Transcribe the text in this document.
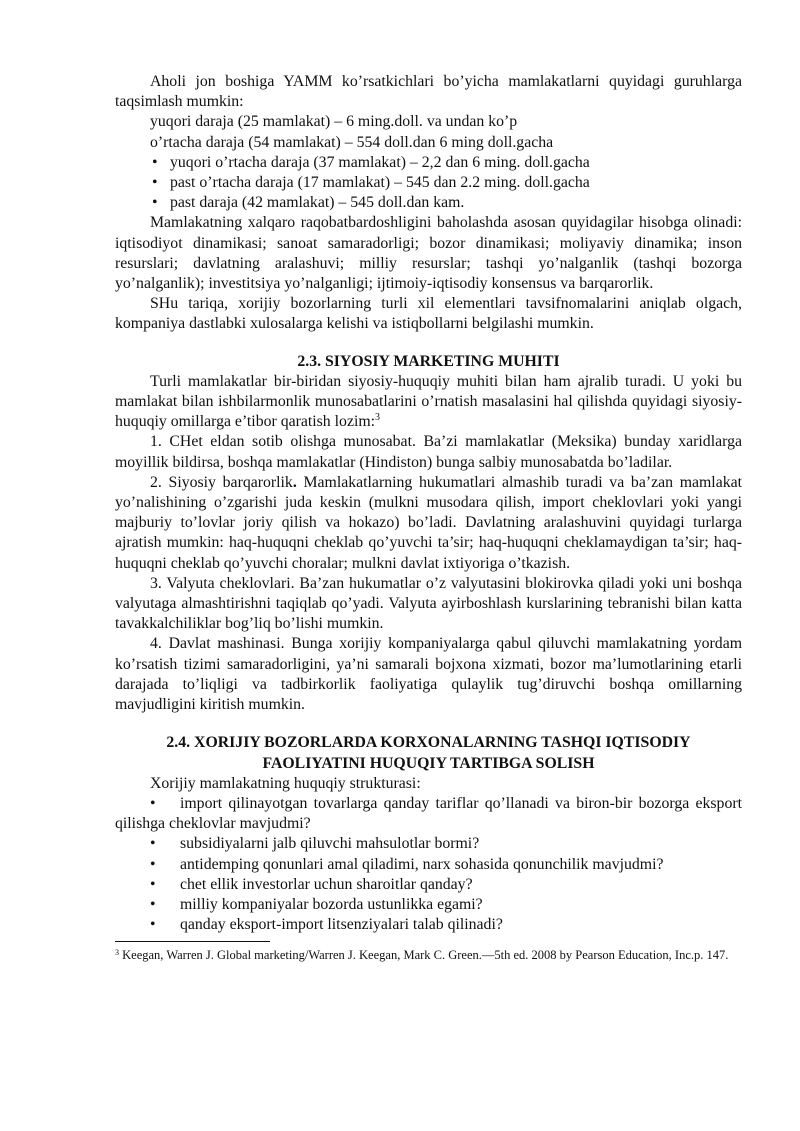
Aholi jon boshiga YAMM ko’rsatkichlari bo’yicha mamlakatlarni quyidagi guruhlarga taqsimlash mumkin:

yuqori daraja (25 mamlakat) – 6 ming.doll. va undan ko’p

o’rtacha daraja (54 mamlakat) – 554 doll.dan 6 ming doll.gacha

• yuqori o’rtacha daraja (37 mamlakat) – 2,2 dan 6 ming. doll.gacha

• past o’rtacha daraja (17 mamlakat) – 545 dan 2.2 ming. doll.gacha

• past daraja (42 mamlakat) – 545 doll.dan kam.

Mamlakatning xalqaro raqobatbardoshligini baholashda asosan quyidagilar hisobga olinadi: iqtisodiyot dinamikasi; sanoat samaradorligi; bozor dinamikasi; moliyaviy dinamika; inson resurslari; davlatning aralashuvi; milliy resurslar; tashqi yo’nalganlik (tashqi bozorga yo’nalganlik); investitsiya yo’nalganligi; ijtimoiy-iqtisodiy konsensus va barqarorlik.

SHu tariqa, xorijiy bozorlarning turli xil elementlari tavsifnomalarini aniqlab olgach, kompaniya dastlabki xulosalarga kelishi va istiqbollarni belgilashi mumkin.

2.3. SIYOSIY MARKETING MUHITI

Turli mamlakatlar bir-biridan siyosiy-huquqiy muhiti bilan ham ajralib turadi. U yoki bu mamlakat bilan ishbilarmonlik munosabatlarini o’rnatish masalasini hal qilishda quyidagi siyosiy-huquqiy omillarga e’tibor qaratish lozim:$^3$

1. CHet eldan sotib olishga munosabat. Ba’zi mamlakatlar (Meksika) bunday xaridlarga moyillik bildirsa, boshqa mamlakatlar (Hindiston) bunga salbiy munosabatda bo’ladilar.

2. Siyosiy barqarorlik. Mamlakatlarning hukumatlari almashib turadi va ba’zan mamlakat yo’nalishining o’zgarishi juda keskin (mulkni musodara qilish, import cheklovlari yoki yangi majburiy to’lovlar joriy qilish va hokazo) bo’ladi. Davlatning aralashuvini quyidagi turlarga ajratish mumkin: haq-huquqni cheklab qo’yuvchi ta’sir; haq-huquqni cheklamaydigan ta’sir; haq-huquqni cheklab qo’yuvchi choralar; mulkni davlat ixtiyoriga o’tkazish.

3. Valyuta cheklovlari. Ba’zan hukumatlar o’z valyutasini blokirovka qiladi yoki uni boshqa valyutaga almashtirishni taqiqlab qo’yadi. Valyuta ayirboshlash kurslarining tebranishi bilan katta tavakkalchiliklar bog’liq bo’lishi mumkin.

4. Davlat mashinasi. Bunga xorijiy kompaniyalarga qabul qiluvchi mamlakatning yordam ko’rsatish tizimi samaradorligini, ya’ni samarali bojxona xizmati, bozor ma’lumotlarining etarli darajada to’liqligi va tadbirkorlik faoliyatiga qulaylik tug’diruvchi boshqa omillarning mavjudligini kiritish mumkin.

2.4. XORIJIY BOZORLARDA KORXONALARNING TASHQI IQTISODIY
FAOLIYATINI HUQUQIY TARTIBGA SOLISH

Xorijiy mamlakatning huquqiy strukturasi:

• import qilinayotgan tovarlarga qanday tariflar qo’llanadi va biron-bir bozorga eksport qilishga cheklovlar mavjudmi?

• subsidiyalarni jalb qiluvchi mahsulotlar bormi?

• antidemping qonunlari amal qiladimi, narx sohasida qonunchilik mavjudmi?

• chet ellik investorlar uchun sharoitlar qanday?

• milliy kompaniyalar bozorda ustunlikka egami?

• qanday eksport-import litsenziyalari talab qilinadi?

$^3$ Keegan, Warren J. Global marketing/Warren J. Keegan, Mark C. Green.—5th ed. 2008 by Pearson Education, Inc.p. 147.
